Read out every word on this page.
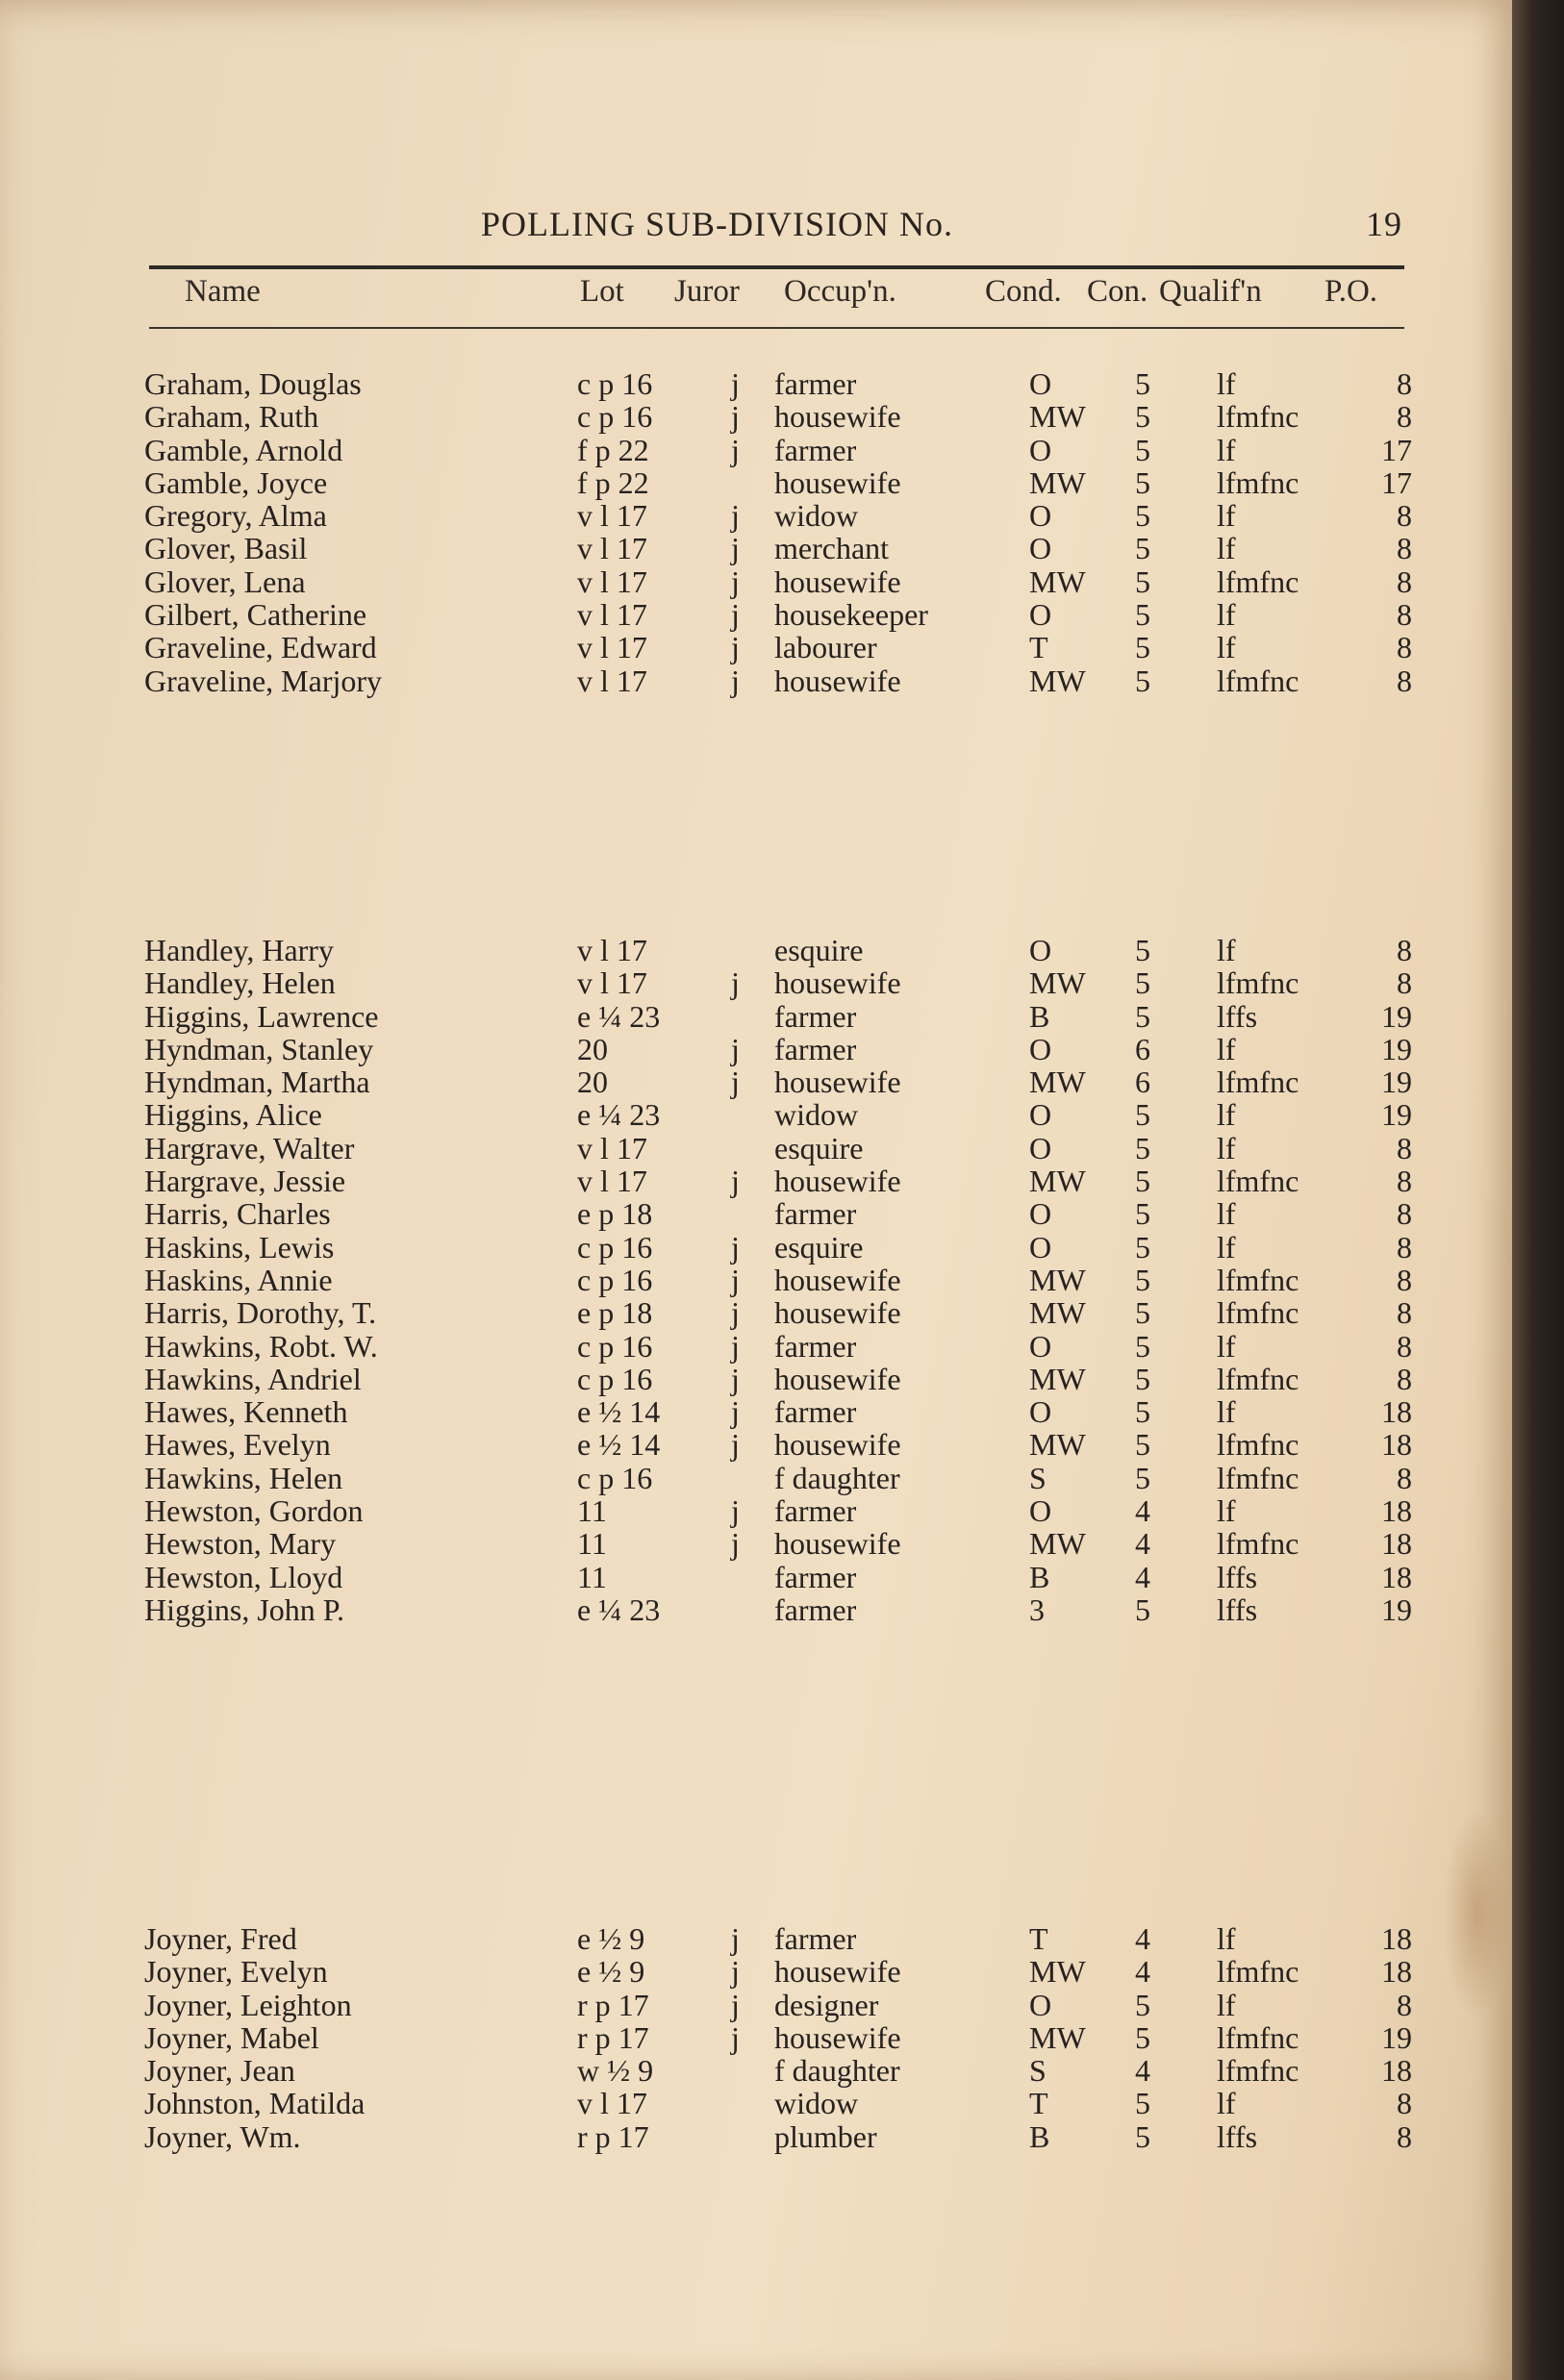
POLLING SUB-DIVISION No.	19
Name	Lot Juror Occup'n.	Cond. Con. Qualif'n P.O.
Graham, Douglas	c p 16	j farmer	O	5 lf	8
Graham, Ruth	c p 16	j housewife	MW 5 lfmfnc	8
Gamble, Arnold	f p 22	j farmer	O	5 lf	17
Gamble, Joyce	f p 22	housewife	MW 5 lfmfnc	17
Gregory, Alma	v l 17	j widow	O	5 lf	8
Glover, Basil	v l 17	j merchant	O	5 lf	8
Glover, Lena	v l 17	j housewife	MW 5 lfmfnc	8
Gilbert, Catherine	v l 17	j housekeeper	O	5 lf	8
Graveline, Edward	v l 17	j labourer	T	5 lf	8
Graveline, Marjory	v l 17	j housewife	MW 5 lfmfnc	8
Handley, Harry	v l 17	esquire	O	5 lf	8
Handley, Helen	v l 17	j housewife	MW 5 lfmfnc	8
Higgins, Lawrence	e ¼ 23	farmer	B	5 lffs	19
Hyndman, Stanley	20	j farmer	O	6 lf	19
Hyndman, Martha	20	j housewife	MW 6 lfmfnc	19
Higgins, Alice	e ¼ 23	widow	O	5 lf	19
Hargrave, Walter	v l 17	esquire	O	5 lf	8
Hargrave, Jessie	v l 17	j housewife	MW 5 lfmfnc	8
Harris, Charles	e p 18	farmer	O	5 lf	8
Haskins, Lewis	c p 16	j esquire	O	5 lf	8
Haskins, Annie	c p 16	j housewife	MW 5 lfmfnc	8
Harris, Dorothy, T.	e p 18	j housewife	MW 5 lfmfnc	8
Hawkins, Robt. W.	c p 16	j farmer	O	5 lf	8
Hawkins, Andriel	c p 16	j housewife	MW 5 lfmfnc	8
Hawes, Kenneth	e ½ 14 j farmer	O	5 lf	18
Hawes, Evelyn	e ½ 14 j housewife	MW 5 lfmfnc	18
Hawkins, Helen	c p 16	f daughter	S	5 lfmfnc	8
Hewston, Gordon	11	j farmer	O	4 lf	18
Hewston, Mary	11	j housewife	MW 4 lfmfnc	18
Hewston, Lloyd	11	farmer	B	4 lffs	18
Higgins, John P.	e ¼ 23	farmer	3	5 lffs	19
Joyner, Fred	e ½ 9	j farmer	T	4 lf	18
Joyner, Evelyn	e ½ 9	j housewife	MW 4 lfmfnc	18
Joyner, Leighton	r p 17	j designer	O	5 lf	8
Joyner, Mabel	r p 17	j housewife	MW 5 lfmfnc	19
Joyner, Jean	w ½ 9	f daughter	S	4 lfmfnc	18
Johnston, Matilda	v l 17	widow	T	5 lf	8
Joyner, Wm.	r p 17	plumber	B	5 lffs	8
